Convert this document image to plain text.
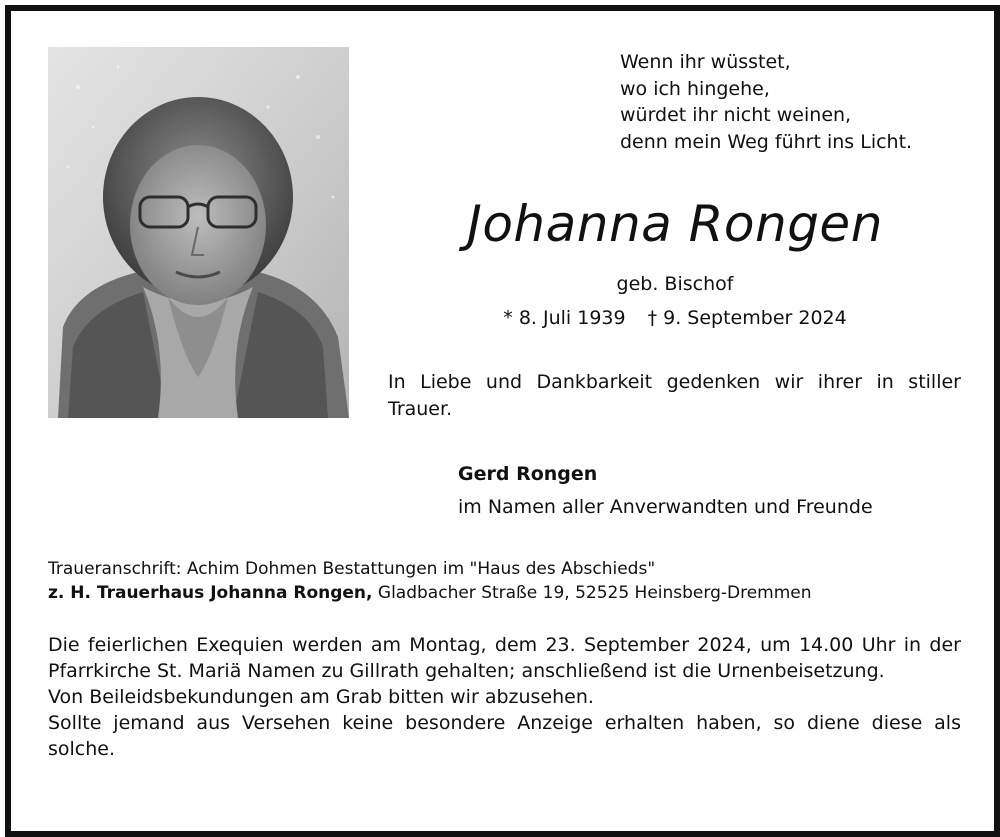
Wenn ihr wüsstet,
wo ich hingehe,
würdet ihr nicht weinen,
denn mein Weg führt ins Licht.
Johanna Rongen
geb. Bischof
* 8. Juli 1939 † 9. September 2024
In Liebe und Dankbarkeit gedenken wir ihrer in stiller Trauer.
Gerd Rongen
im Namen aller Anverwandten und Freunde
Traueranschrift: Achim Dohmen Bestattungen im "Haus des Abschieds"
z. H. Trauerhaus Johanna Rongen, Gladbacher Straße 19, 52525 Heinsberg-Dremmen

Die feierlichen Exequien werden am Montag, dem 23. September 2024, um 14.00 Uhr in der Pfarrkirche St. Mariä Namen zu Gillrath gehalten; anschließend ist die Urnenbeisetzung.

Von Beileidsbekundungen am Grab bitten wir abzusehen.

Sollte jemand aus Versehen keine besondere Anzeige erhalten haben, so diene diese als solche.
